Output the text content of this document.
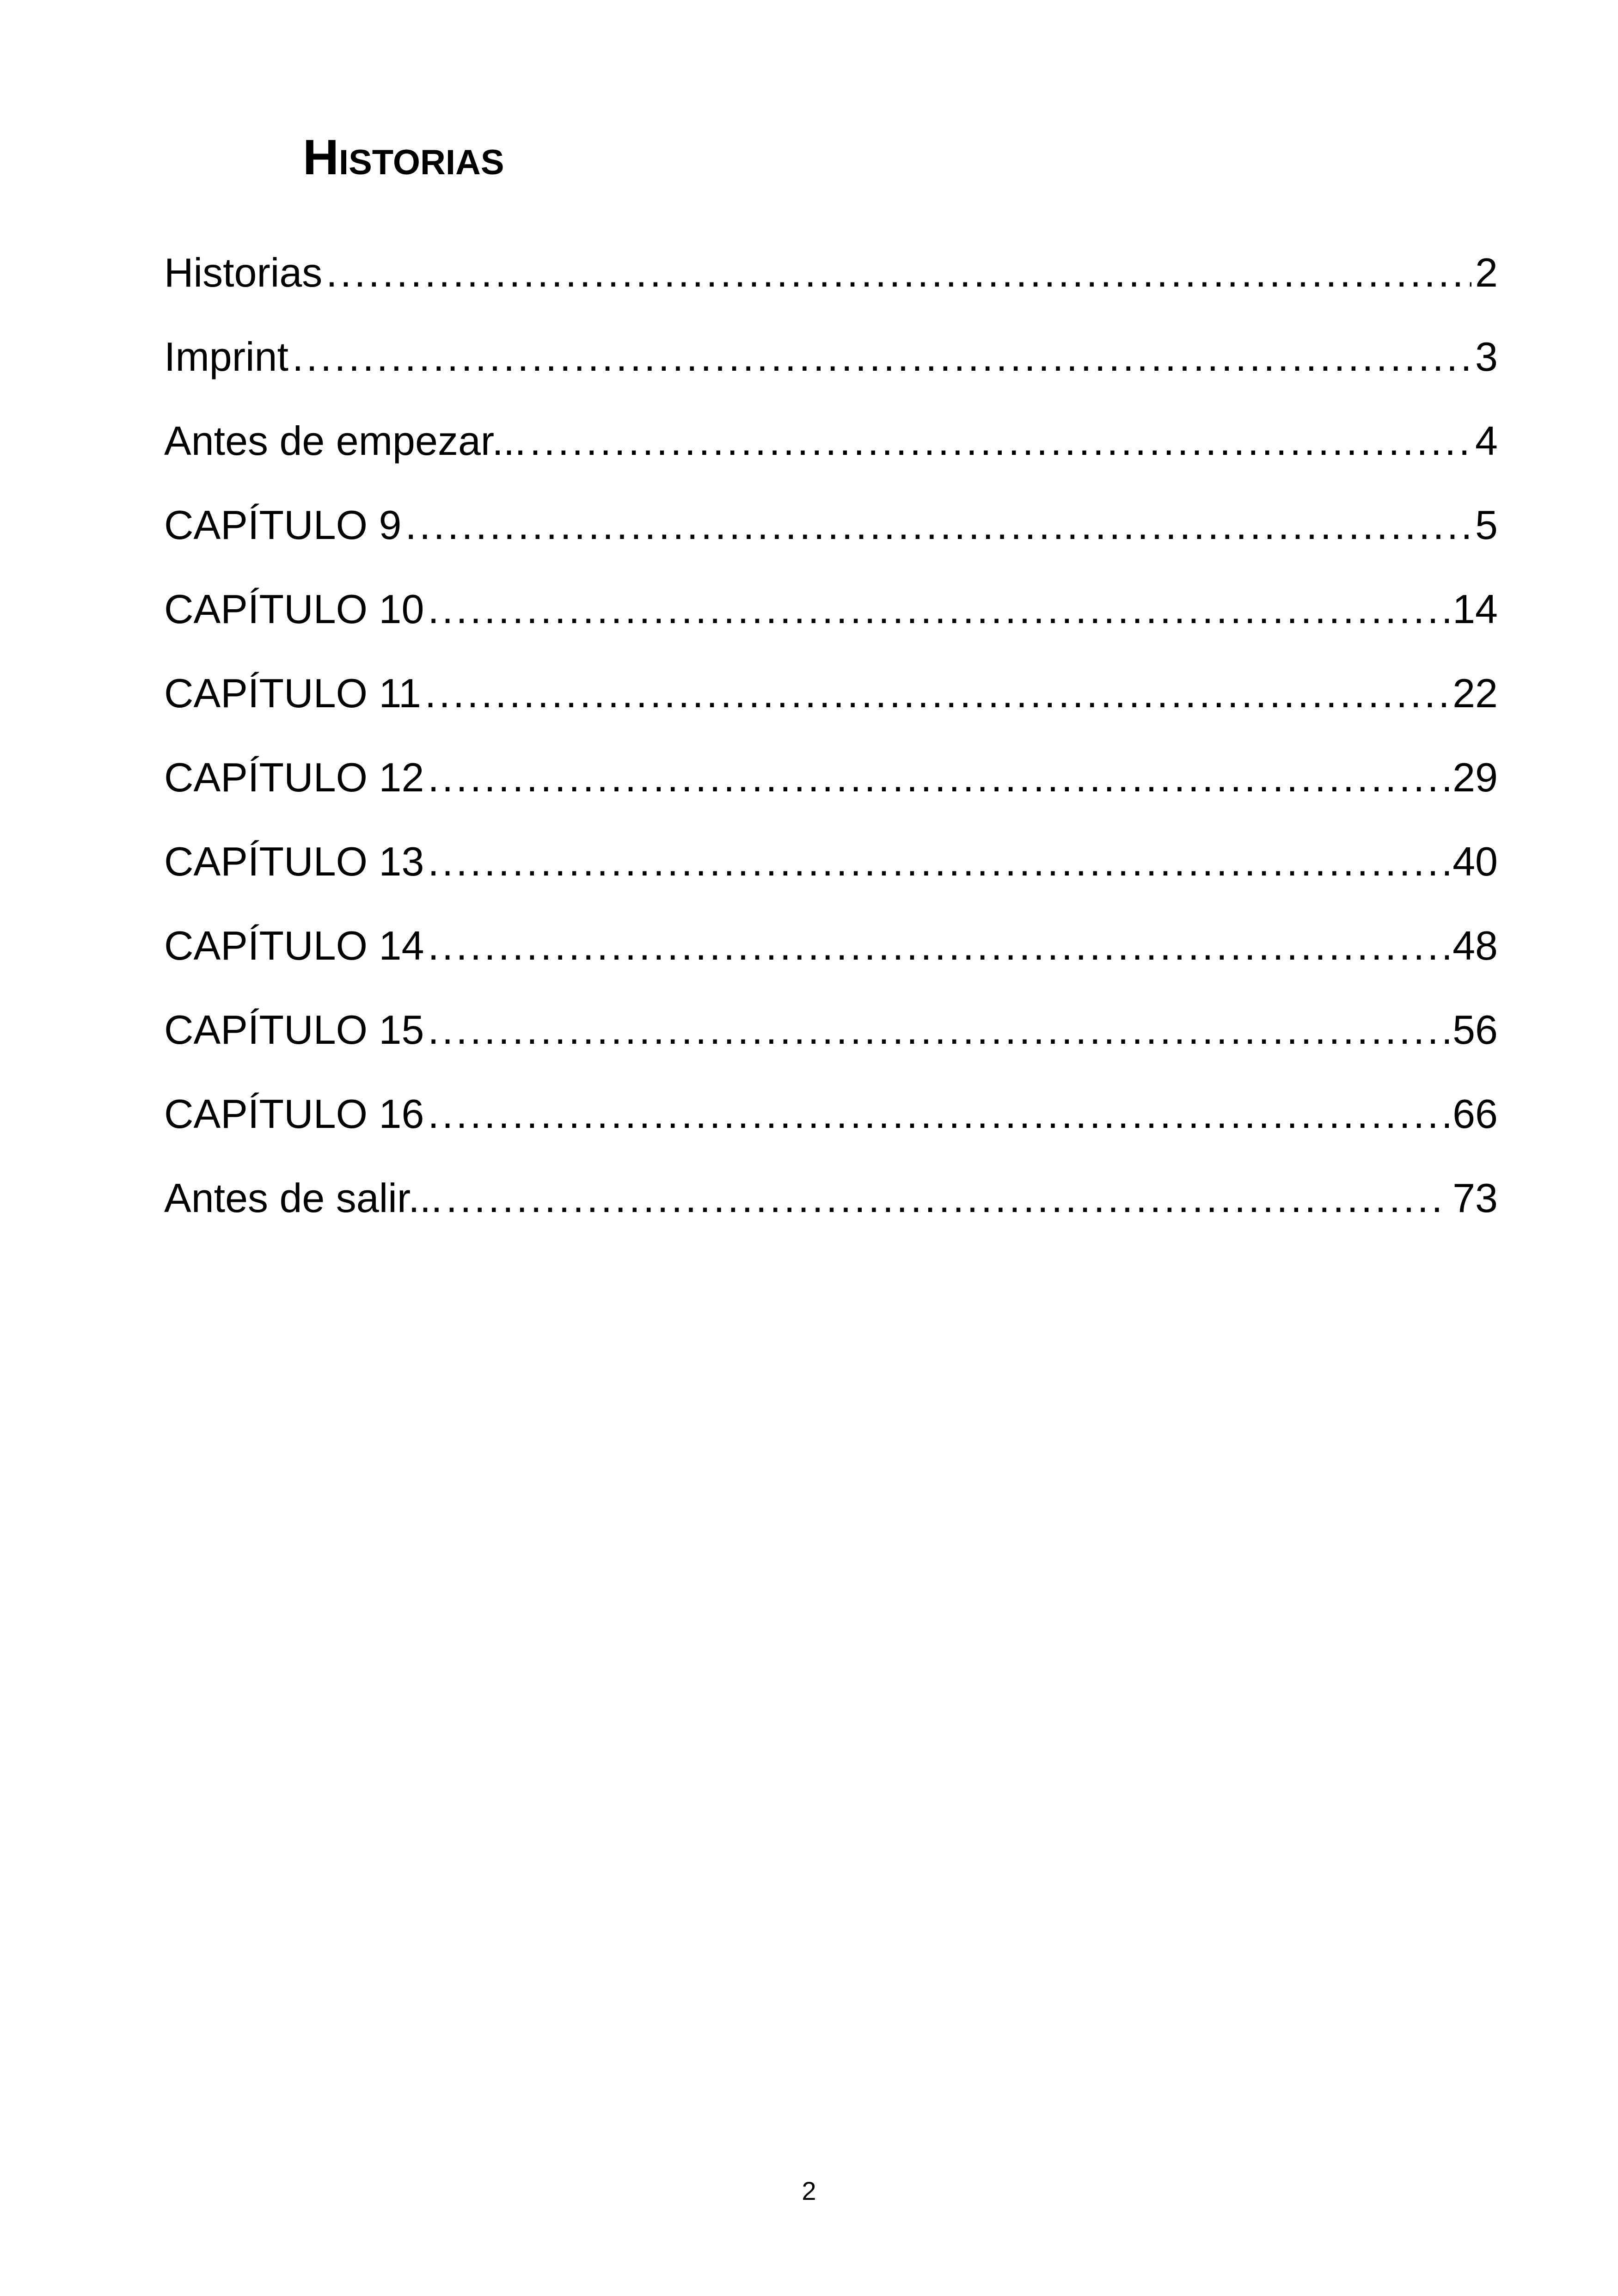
Historias
Historias .....	2
Imprint .....	3
Antes de empezar... .....	4
CAPÍTULO 9 .....	5
CAPÍTULO 10 .....	14
CAPÍTULO 11 .....	22
CAPÍTULO 12 .....	29
CAPÍTULO 13 .....	40
CAPÍTULO 14 .....	48
CAPÍTULO 15 .....	56
CAPÍTULO 16 .....	66
Antes de salir... .....	73
2
